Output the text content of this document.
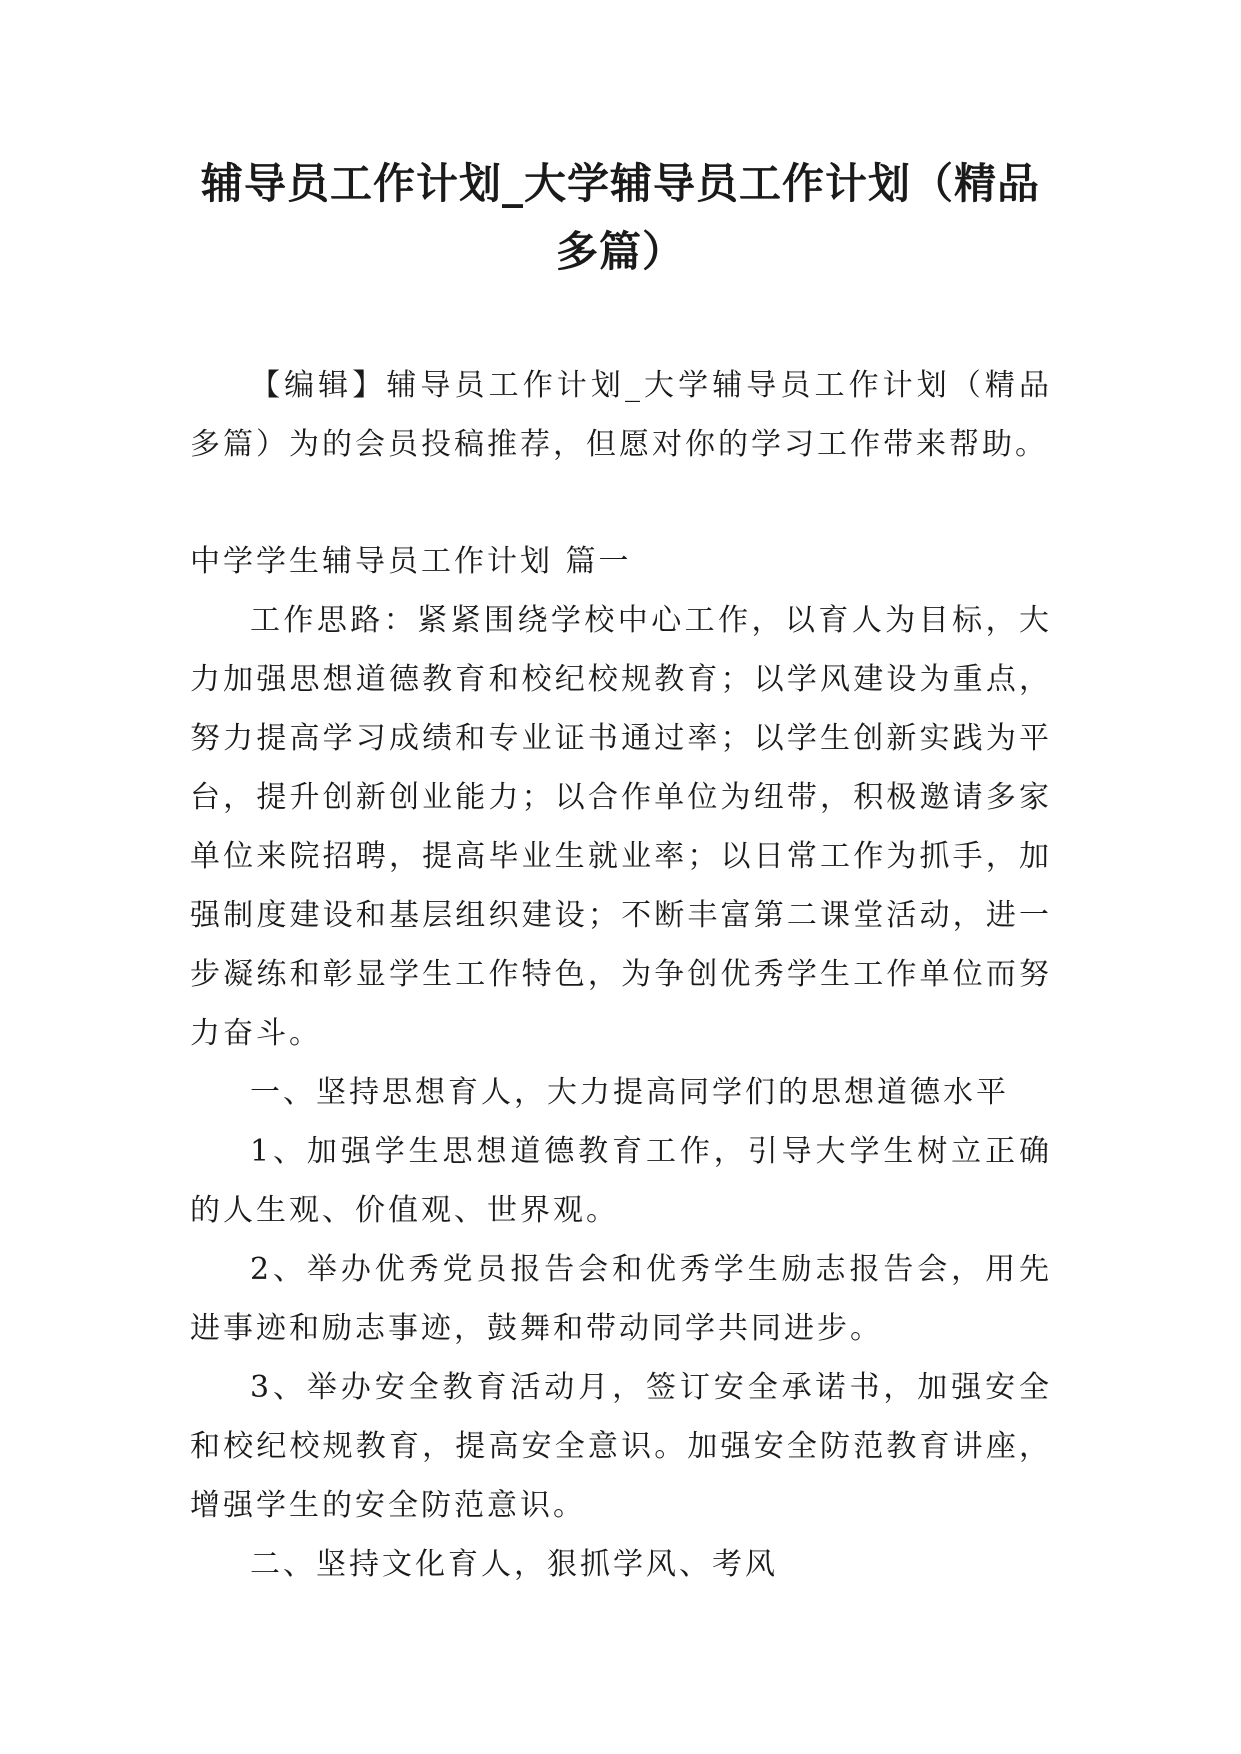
辅导员工作计划_大学辅导员工作计划（精品多篇）

【编辑】辅导员工作计划_大学辅导员工作计划（精品多篇）为的会员投稿推荐，但愿对你的学习工作带来帮助。

中学学生辅导员工作计划 篇一

工作思路：紧紧围绕学校中心工作，以育人为目标，大力加强思想道德教育和校纪校规教育；以学风建设为重点，努力提高学习成绩和专业证书通过率；以学生创新实践为平台，提升创新创业能力；以合作单位为纽带，积极邀请多家单位来院招聘，提高毕业生就业率；以日常工作为抓手，加强制度建设和基层组织建设；不断丰富第二课堂活动，进一步凝练和彰显学生工作特色，为争创优秀学生工作单位而努力奋斗。

一、坚持思想育人，大力提高同学们的思想道德水平

1、加强学生思想道德教育工作，引导大学生树立正确的人生观、价值观、世界观。

2、举办优秀党员报告会和优秀学生励志报告会，用先进事迹和励志事迹，鼓舞和带动同学共同进步。

3、举办安全教育活动月，签订安全承诺书，加强安全和校纪校规教育，提高安全意识。加强安全防范教育讲座，增强学生的安全防范意识。

二、坚持文化育人，狠抓学风、考风
